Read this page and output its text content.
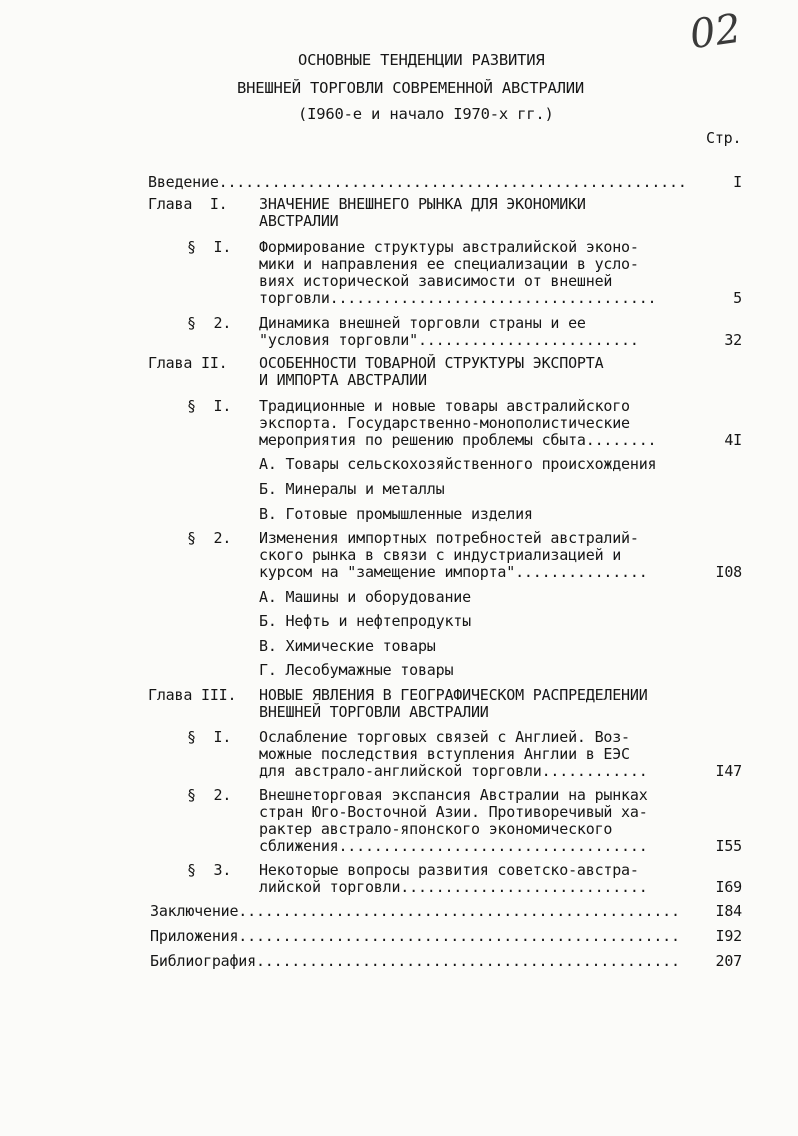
02
ОСНОВНЫЕ ТЕНДЕНЦИИ РАЗВИТИЯ
ВНЕШНЕЙ ТОРГОВЛИ СОВРЕМЕННОЙ АВСТРАЛИИ
(I960-е и начало I970-х гг.)
Стр.
Введение.....................................................	I
Глава  I. ЗНАЧЕНИЕ ВНЕШНЕГО РЫНКА ДЛЯ ЭКОНОМИКИ
АВСТРАЛИИ
§  I. Формирование структуры австралийской эконо-
мики и направления ее специализации в усло-
виях исторической зависимости от внешней
торговли.....................................	5
§  2. Динамика внешней торговли страны и ее
"условия торговли".........................	32
Глава II. ОСОБЕННОСТИ ТОВАРНОЙ СТРУКТУРЫ ЭКСПОРТА
И ИМПОРТА АВСТРАЛИИ
§  I. Традиционные и новые товары австралийского
экспорта. Государственно-монополистические
мероприятия по решению проблемы сбыта........	4I
А. Товары сельскохозяйственного происхождения
Б. Минералы и металлы
В. Готовые промышленные изделия
§  2. Изменения импортных потребностей австралий-
ского рынка в связи с индустриализацией и
курсом на "замещение импорта"...............	I08
А. Машины и оборудование
Б. Нефть и нефтепродукты
В. Химические товары
Г. Лесобумажные товары
Глава III. НОВЫЕ ЯВЛЕНИЯ В ГЕОГРАФИЧЕСКОМ РАСПРЕДЕЛЕНИИ
ВНЕШНЕЙ ТОРГОВЛИ АВСТРАЛИИ
§  I. Ослабление торговых связей с Англией. Воз-
можные последствия вступления Англии в ЕЭС
для австрало-английской торговли............	I47
§  2. Внешнеторговая экспансия Австралии на рынках
стран Юго-Восточной Азии. Противоречивый ха-
рактер австрало-японского экономического
сближения...................................	I55
§  3. Некоторые вопросы развития советско-австра-
лийской торговли............................	I69
Заключение..................................................	I84
Приложения..................................................	I92
Библиография................................................	207
